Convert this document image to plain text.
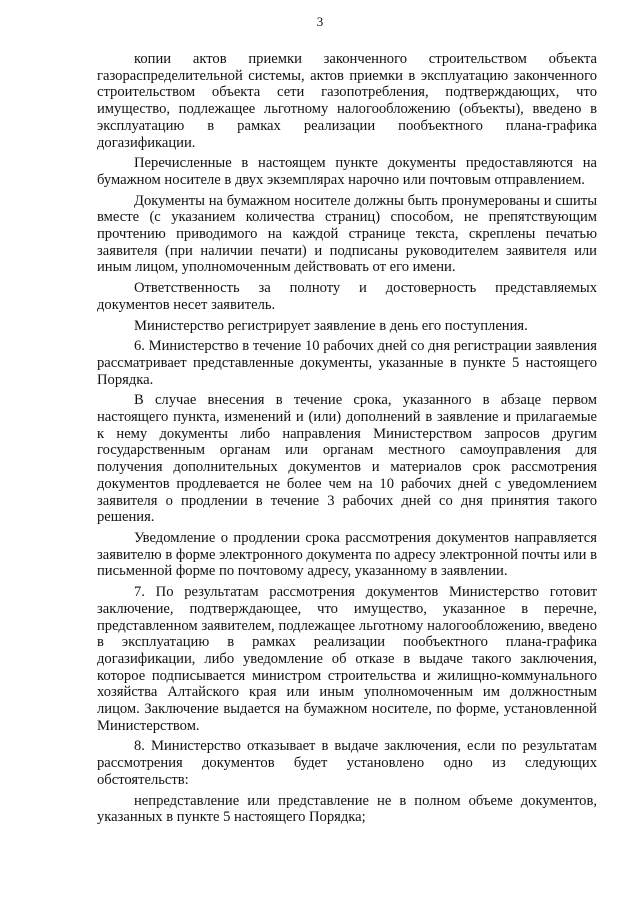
3

копии актов приемки законченного строительством объекта газораспределительной системы, актов приемки в эксплуатацию законченного строительством объекта сети газопотребления, подтверждающих, что имущество, подлежащее льготному налогообложению (объекты), введено в эксплуатацию в рамках реализации пообъектного плана-графика догазификации.

Перечисленные в настоящем пункте документы предоставляются на бумажном носителе в двух экземплярах нарочно или почтовым отправлением.

Документы на бумажном носителе должны быть пронумерованы и сшиты вместе (с указанием количества страниц) способом, не препятствующим прочтению приводимого на каждой странице текста, скреплены печатью заявителя (при наличии печати) и подписаны руководителем заявителя или иным лицом, уполномоченным действовать от его имени.

Ответственность за полноту и достоверность представляемых документов несет заявитель.

Министерство регистрирует заявление в день его поступления.

6. Министерство в течение 10 рабочих дней со дня регистрации заявления рассматривает представленные документы, указанные в пункте 5 настоящего Порядка.

В случае внесения в течение срока, указанного в абзаце первом настоящего пункта, изменений и (или) дополнений в заявление и прилагаемые к нему документы либо направления Министерством запросов другим государственным органам или органам местного самоуправления для получения дополнительных документов и материалов срок рассмотрения документов продлевается не более чем на 10 рабочих дней с уведомлением заявителя о продлении в течение 3 рабочих дней со дня принятия такого решения.

Уведомление о продлении срока рассмотрения документов направляется заявителю в форме электронного документа по адресу электронной почты или в письменной форме по почтовому адресу, указанному в заявлении.

7. По результатам рассмотрения документов Министерство готовит заключение, подтверждающее, что имущество, указанное в перечне, представленном заявителем, подлежащее льготному налогообложению, введено в эксплуатацию в рамках реализации пообъектного плана-графика догазификации, либо уведомление об отказе в выдаче такого заключения, которое подписывается министром строительства и жилищно-коммунального хозяйства Алтайского края или иным уполномоченным им должностным лицом. Заключение выдается на бумажном носителе, по форме, установленной Министерством.

8. Министерство отказывает в выдаче заключения, если по результатам рассмотрения документов будет установлено одно из следующих обстоятельств:

непредставление или представление не в полном объеме документов, указанных в пункте 5 настоящего Порядка;
